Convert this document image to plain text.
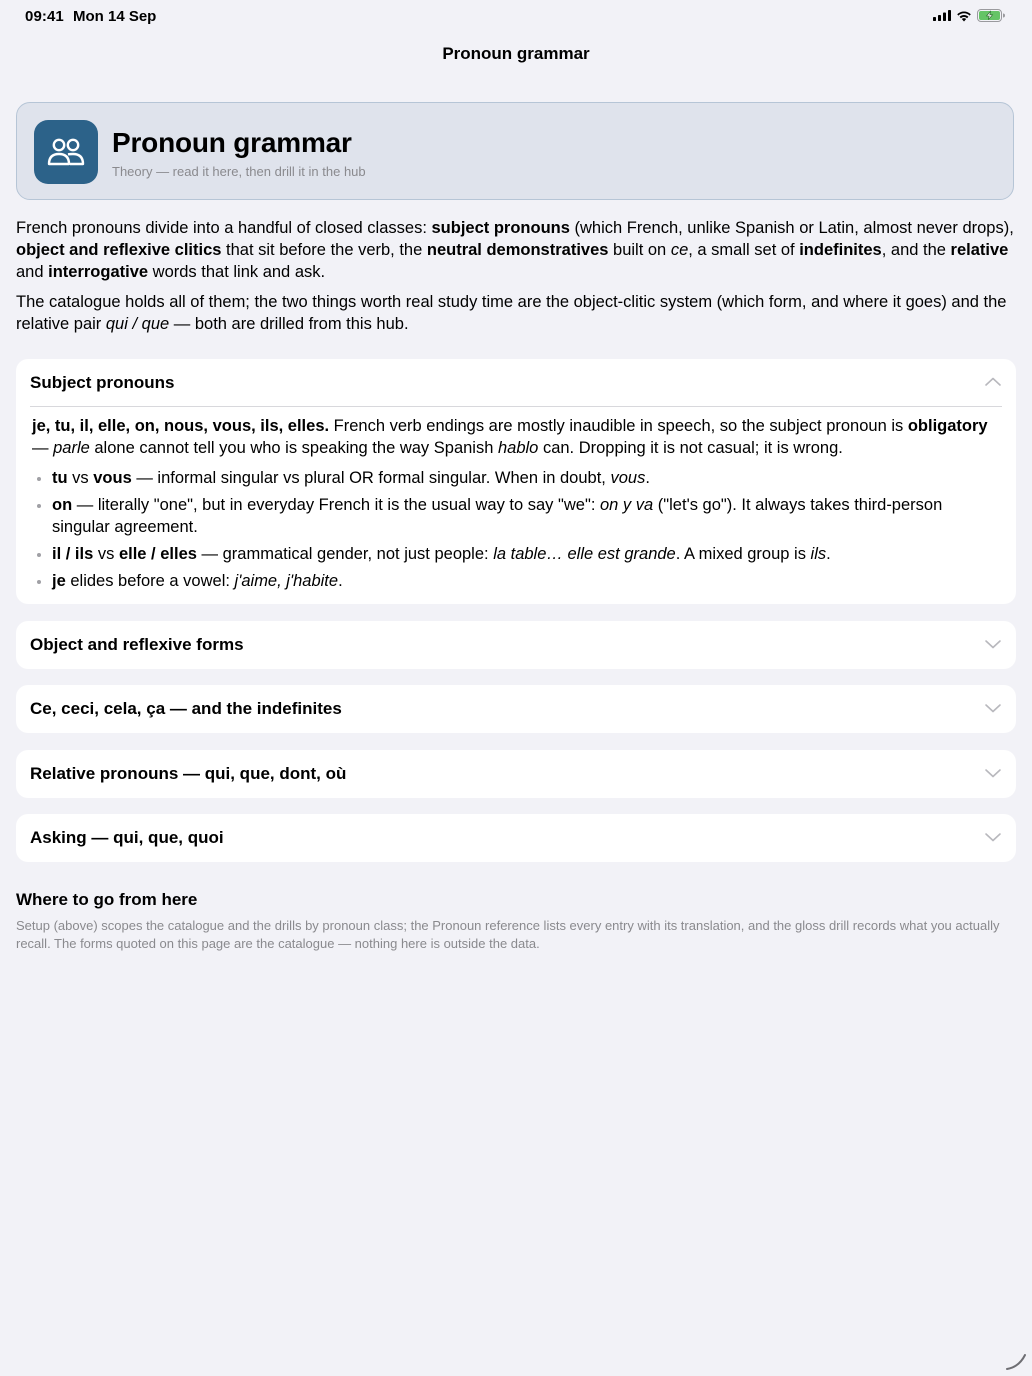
09:41 Mon 14 Sep
Pronoun grammar
Pronoun grammar
Theory — read it here, then drill it in the hub

French pronouns divide into a handful of closed classes: subject pronouns (which French, unlike Spanish or Latin, almost never drops), object and reflexive clitics that sit before the verb, the neutral demonstratives built on ce, a small set of indefinites, and the relative and interrogative words that link and ask.

The catalogue holds all of them; the two things worth real study time are the object-clitic system (which form, and where it goes) and the relative pair qui / que — both are drilled from this hub.

Subject pronouns

je, tu, il, elle, on, nous, vous, ils, elles. French verb endings are mostly inaudible in speech, so the subject pronoun is obligatory — parle alone cannot tell you who is speaking the way Spanish hablo can. Dropping it is not casual; it is wrong.

tu vs vous — informal singular vs plural OR formal singular. When in doubt, vous.
on — literally "one", but in everyday French it is the usual way to say "we": on y va ("let's go"). It always takes third-person singular agreement.
il / ils vs elle / elles — grammatical gender, not just people: la table… elle est grande. A mixed group is ils.
je elides before a vowel: j'aime, j'habite.
Object and reflexive forms
Ce, ceci, cela, ça — and the indefinites
Relative pronouns — qui, que, dont, où
Asking — qui, que, quoi
Where to go from here
Setup (above) scopes the catalogue and the drills by pronoun class; the Pronoun reference lists every entry with its translation, and the gloss drill records what you actually recall. The forms quoted on this page are the catalogue — nothing here is outside the data.
